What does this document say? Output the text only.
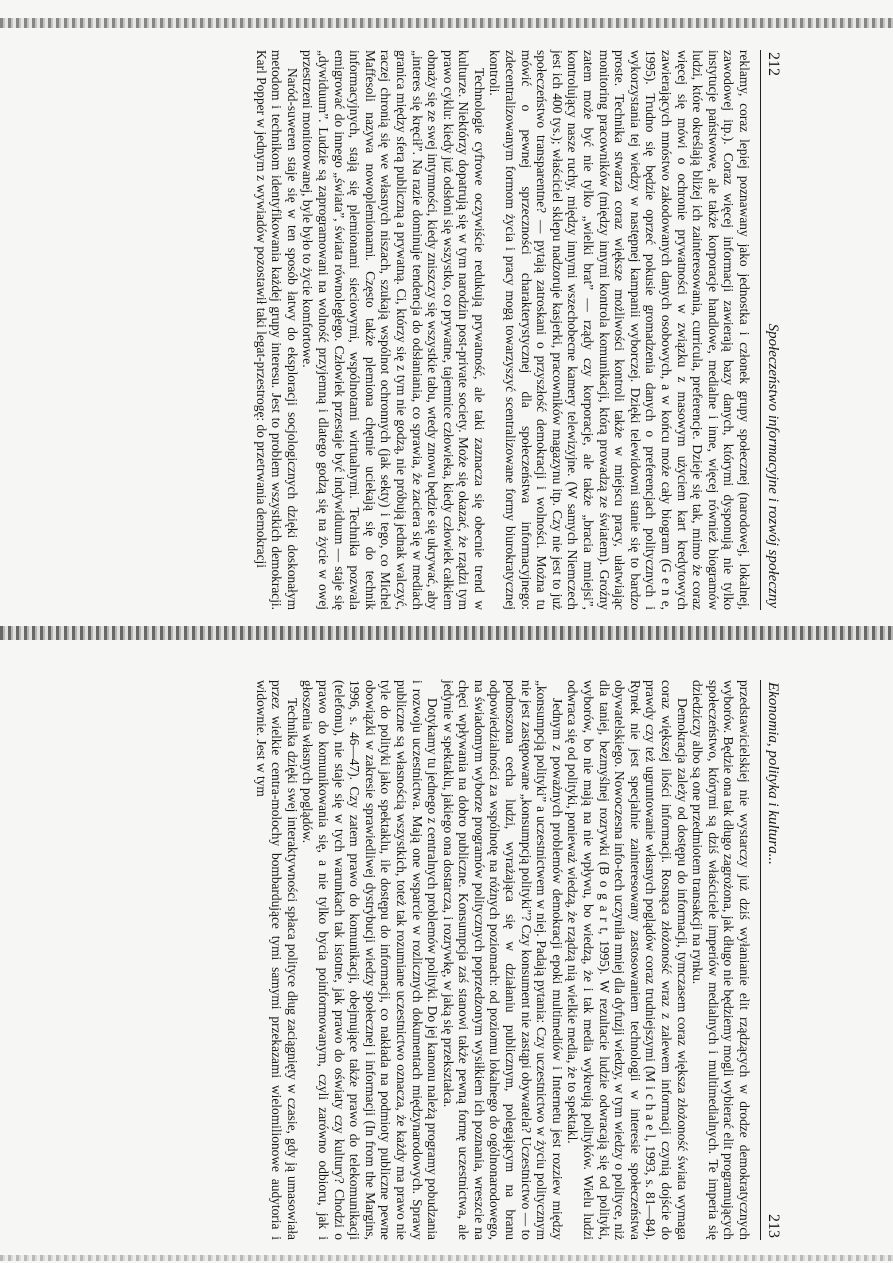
212
Społeczeństwo informacyjne i rozwój społeczny

reklamy, coraz lepiej poznawany jako jednostka i członek grupy społecznej (narodowej, lokalnej, zawodowej itp.). Coraz więcej informacji zawierają bazy danych, którymi dysponują nie tylko instytucje państwowe, ale także korporacje handlowe, medialne i inne, więcej również biogramów ludzi, które określają bliżej ich zainteresowania, curricula, preferencje. Dzieje się tak, mimo że coraz więcej się mówi o ochronie prywatności w związku z masowym użyciem kart kredytowych zawierających mnóstwo zakodowanych danych osobowych, a w końcu może cały biogram (G e n e, 1995). Trudno się będzie oprzeć pokusie gromadzenia danych o preferencjach politycznych i wykorzystania tej wiedzy w następnej kampanii wyborczej. Dzięki telewidowni stanie się to bardzo proste. Technika stwarza coraz większe możliwości kontroli także w miejscu pracy, ułatwiając monitoring pracowników (między innymi kontrola komunikacji, którą prowadzą ze światem). Groźny zatem może być nie tylko „wielki brat” — rządy czy korporacje, ale także „bracia mniejsi”, kontrolujący nasze ruchy, między innymi wszechobecne kamery telewizyjne. (W samych Niemczech jest ich 400 tys.); właściciel sklepu nadzoruje kasjerki, pracowników magazynu itp. Czy nie jest to już społeczeństwo transparentne? — pytają zatroskani o przyszłość demokracji i wolności. Można tu mówić o pewnej sprzeczności charakterystycznej dla społeczeństwa informacyjnego: zdecentralizowanym formom życia i pracy mogą towarzyszyć scentralizowane formy biurokratycznej kontroli.

Technologie cyfrowe oczywiście redukują prywatność, ale taki zaznacza się obecnie trend w kulturze. Niektórzy dopatrują się w tym narodzin post-private society. Może się okazać, że rządzi tym prawo cyklu: kiedy już odsłoni się wszystko, co prywatne, tajemnice człowieka, kiedy człowiek całkiem obnaży się ze swej intymności, kiedy zniszczy się wszystkie tabu, wtedy znowu będzie się ukrywać, aby „interes się kręcił”. Na razie dominuje tendencja do odsłaniania, co sprawia, że zaciera się w mediach granica między sferą publiczną a prywatną. Ci, którzy się z tym nie godzą, nie próbują jednak walczyć, raczej chronią się we własnych niszach, szukają wspólnot ochronnych (jak sekty) i tego, co Michel Maffesoli nazywa nowoplemionami. Często także plemiona chętnie uciekają się do technik informacyjnych, stają się plemionami sieciowymi, wspólnotami wirtualnymi. Technika pozwala emigrować do innego „świata”, świata równoległego. Człowiek przestaje być indywiduum — staje się „dywiduum”. Ludzie są zaprogramowani na wolność przyjemną i dlatego godzą się na życie w owej przestrzeni monitorowanej, byle było to życie komfortowe.

Naród-suweren staje się w ten sposób łatwy do eksploracji socjologicznych dzięki doskonałym metodom i technikom identyfikowania każdej grupy interesu. Jest to problem wszystkich demokracji. Karl Popper w jednym z wywiadów pozostawił taki legat-przestrogę: do przetrwania demokracji

213
Ekonomia, polityka i kultura...

przedstawicielskiej nie wystarczy już dziś wyłanianie elit rządzących w drodze demokratycznych wyborów. Będzie ona tak długo zagrożona, jak długo nie będziemy mogli wybierać elit programujących społeczeństwo, którymi są dziś właściciele imperiów medialnych i multimedialnych. Te imperia się dziedziczy albo są one przedmiotem transakcji na rynku.

Demokracja zależy od dostępu do informacji, tymczasem coraz większa złożoność świata wymaga coraz większej ilości informacji. Rosnąca złożoność wraz z zalewem informacji czynią dojście do prawdy czy też ugruntowanie własnych poglądów coraz trudniejszymi (M i c h a e l, 1993, s. 81—84). Rynek nie jest specjalnie zainteresowany zastosowaniem technologii w interesie społeczeństwa obywatelskiego. Nowoczesna info-tech uczyniła mniej dla dyfuzji wiedzy, w tym wiedzy o polityce, niż dla taniej, bezmyślnej rozrywki (B o g a r t, 1995). W rezultacie ludzie odwracają się od polityki, wyborów, bo nie mają na nie wpływu, bo wiedzą, że i tak media wykreują polityków. Wielu ludzi odwraca się od polityki, ponieważ wiedzą, że rządzą nią wielkie media, że to spektakl.

Jednym z poważnych problemów demokracji epoki multimediów i Internetu jest rozziew między „konsumpcją polityki” a uczestnictwem w niej. Padają pytania: Czy uczestnictwo w życiu politycznym nie jest zastępowane „konsumpcją polityki”? Czy konsument nie zastąpi obywatela? Uczestnictwo — to podnoszona cecha ludzi, wyrażająca się w działaniu publicznym, polegającym na branu odpowiedzialności za wspólnotę na różnych poziomach: od poziomu lokalnego do ogólnonarodowego, na świadomym wyborze programów politycznych poprzedzonym wysiłkiem ich poznania, wreszcie na chęci wpływania na dobro publiczne. Konsumpcja zaś stanowi także pewną formę uczestnictwa, ale jedynie w spektaklu, jakiego ona dostarcza, i rozrywkę, w jaką się przekształca.

Dotykamy tu jednego z centralnych problemów polityki. Do jej kanonu należą programy pobudzania i rozwoju uczestnictwa. Mają one wsparcie w rozlicznych dokumentach międzynarodowych. Sprawy publiczne są własnością wszystkich, toteż tak rozumiane uczestnictwo oznacza, że każdy ma prawo nie tyle do polityki jako spektaklu, ile dostępu do informacji, co nakłada na podmioty publiczne pewne obowiązki w zakresie sprawiedliwej dystrybucji wiedzy społecznej i informacji (In from the Margins, 1996, s. 46—47). Czy zatem prawo do komunikacji, obejmujące także prawo do telekomunikacji (telefonu), nie staje się w tych warunkach tak istotne, jak prawo do oświaty czy kultury? Chodzi o prawo do komunikowania się, a nie tylko bycia poinformowanym, czyli zarówno odbioru, jak i głoszenia własnych poglądów.

Technika dzięki swej interaktywności spłaca polityce dług zaciągnięty w czasie, gdy ją umasowiała przez wielkie centra-molochy bombardujące tymi samymi przekazami wielomilionowe audytoria i widownie. Jest w tym
